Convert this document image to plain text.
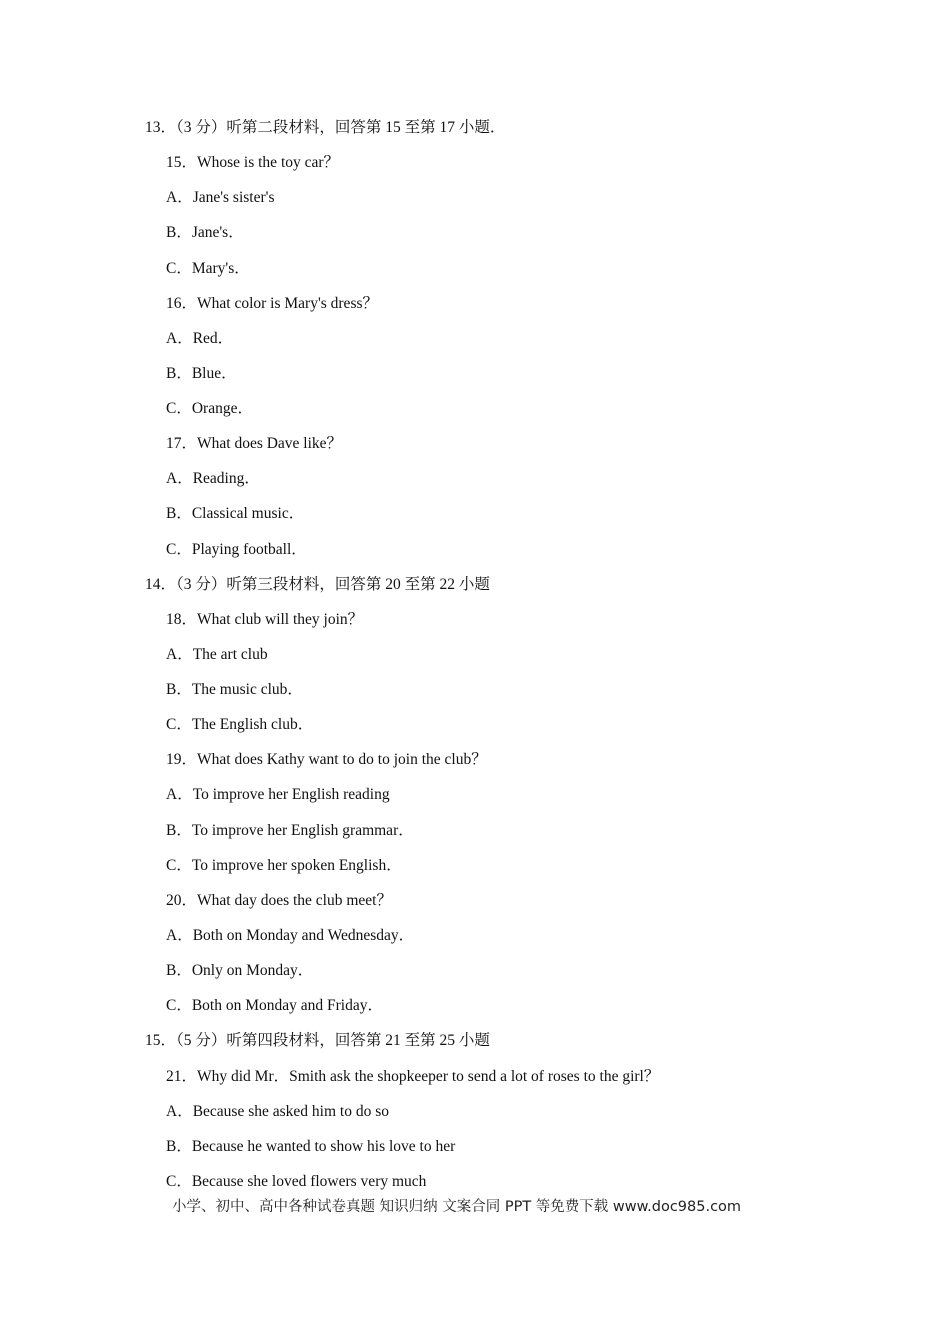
13．（3 分）听第二段材料，回答第 15 至第 17 小题．
15．Whose is the toy car？
A．Jane's sister's
B．Jane's．
C．Mary's．
16．What color is Mary's dress？
A．Red．
B．Blue．
C．Orange．
17．What does Dave like？
A．Reading．
B．Classical music．
C．Playing football．
14．（3 分）听第三段材料，回答第 20 至第 22 小题
18．What club will they join？
A．The art club
B．The music club．
C．The English club．
19．What does Kathy want to do to join the club？
A．To improve her English reading
B．To improve her English grammar．
C．To improve her spoken English．
20．What day does the club meet？
A．Both on Monday and Wednesday．
B．Only on Monday．
C．Both on Monday and Friday．
15．（5 分）听第四段材料，回答第 21 至第 25 小题
21．Why did Mr．Smith ask the shopkeeper to send a lot of roses to the girl？
A．Because she asked him to do so
B．Because he wanted to show his love to her
C．Because she loved flowers very much
小学、初中、高中各种试卷真题 知识归纳 文案合同 PPT 等免费下载 www.doc985.com
